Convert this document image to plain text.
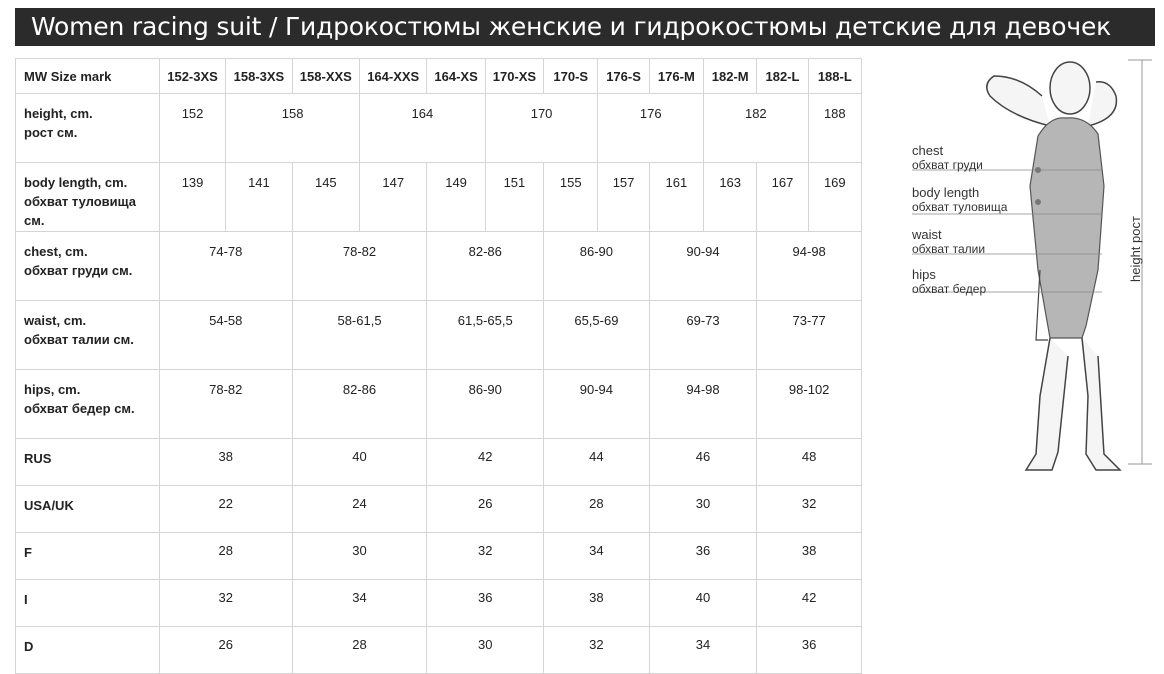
Women racing suit / Гидрокостюмы женские и гидрокостюмы детские для девочек
MW Size mark	152-3XS	158-3XS	158-XXS	164-XXS	164-XS	170-XS	170-S	176-S	176-M	182-M	182-L	188-L

height, cm.
рост см.	152	158		164		170		176		182		188

body length, cm.
обхват туловища см.	139	141	145	147	149	151	155	157	161	163	167	169

chest, cm.
обхват груди см.	74-78		78-82		82-86		86-90		90-94		94-98	

waist, cm.
обхват талии см.	54-58		58-61,5		61,5-65,5		65,5-69		69-73		73-77	

hips, cm.
обхват бедер см.	78-82		82-86		86-90		90-94		94-98		98-102	

RUS	38		40		42		44		46		48	

USA/UK	22		24		26		28		30		32	

F	28		30		32		34		36		38	

I	32		34		36		38		40		42	

D	26		28		30		32		34		36	
chest
обхват груди
body length
обхват туловища
waist
обхват талии
hips
обхват бедер
height рост
